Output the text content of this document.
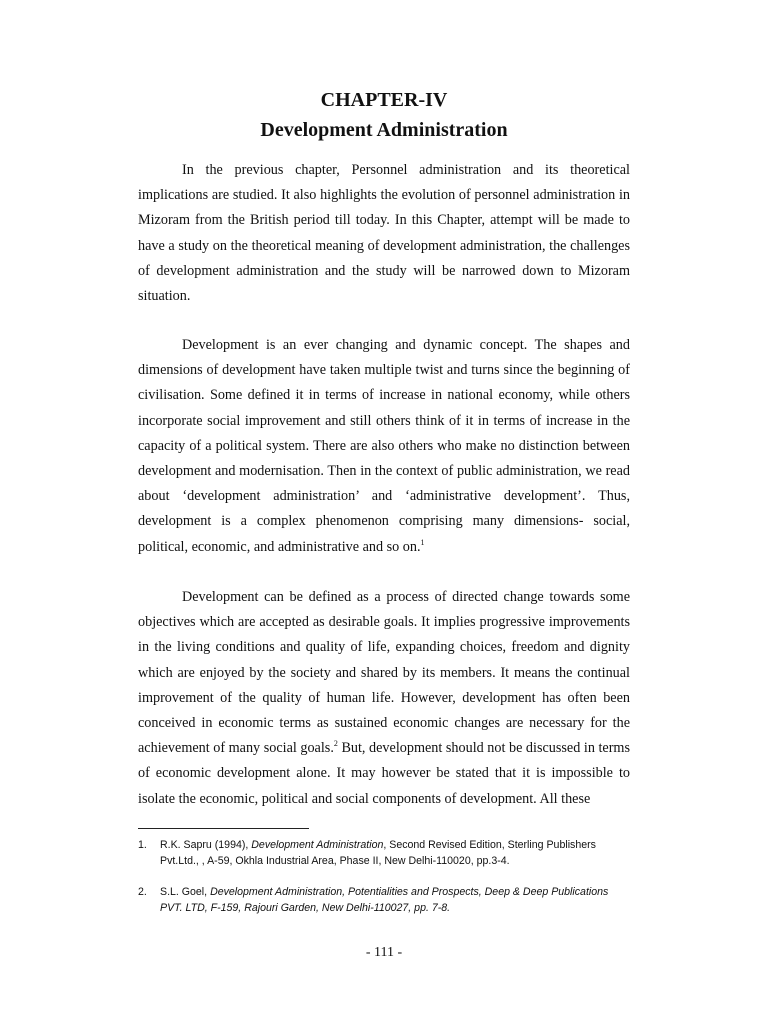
CHAPTER-IV
Development Administration

In the previous chapter, Personnel administration and its theoretical implications are studied. It also highlights the evolution of personnel administration in Mizoram from the British period till today. In this Chapter, attempt will be made to have a study on the theoretical meaning of development administration, the challenges of development administration and the study will be narrowed down to Mizoram situation.

Development is an ever changing and dynamic concept. The shapes and dimensions of development have taken multiple twist and turns since the beginning of civilisation. Some defined it in terms of increase in national economy, while others incorporate social improvement and still others think of it in terms of increase in the capacity of a political system. There are also others who make no distinction between development and modernisation. Then in the context of public administration, we read about ‘development administration’ and ‘administrative development’. Thus, development is a complex phenomenon comprising many dimensions- social, political, economic, and administrative and so on.$^1$

Development can be defined as a process of directed change towards some objectives which are accepted as desirable goals. It implies progressive improvements in the living conditions and quality of life, expanding choices, freedom and dignity which are enjoyed by the society and shared by its members. It means the continual improvement of the quality of human life. However, development has often been conceived in economic terms as sustained economic changes are necessary for the achievement of many social goals.$^2$ But, development should not be discussed in terms of economic development alone. It may however be stated that it is impossible to isolate the economic, political and social components of development. All these

1.	R.K. Sapru (1994), Development Administration, Second Revised Edition, Sterling Publishers Pvt.Ltd., , A-59, Okhla Industrial Area, Phase II, New Delhi-110020, pp.3-4.
2.	S.L. Goel, Development Administration, Potentialities and Prospects, Deep & Deep Publications PVT. LTD, F-159, Rajouri Garden, New Delhi-110027, pp. 7-8.
- 111 -
